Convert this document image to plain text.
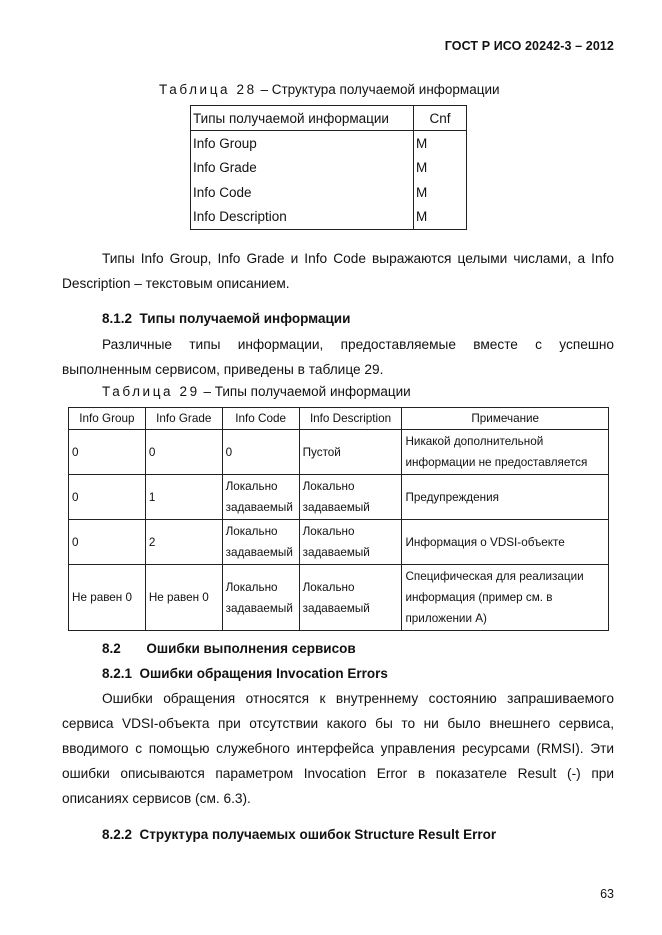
ГОСТ Р ИСО 20242-3 – 2012
Таблица 28 – Структура получаемой информации
Типы получаемой информации	Cnf
Info Group	M
Info Grade	M
Info Code	M
Info Description	M
Типы Info Group, Info Grade и Info Code выражаются целыми числами, а Info Description – текстовым описанием.
8.1.2 Типы получаемой информации
Различные типы информации, предоставляемые вместе с успешно выполненным сервисом, приведены в таблице 29.
Таблица 29 – Типы получаемой информации
Info Group	Info Grade	Info Code	Info Description	Примечание
0	0	0	Пустой	Никакой дополнительной информации не предоставляется
0	1	Локально задаваемый	Локально задаваемый	Предупреждения
0	2	Локально задаваемый	Локально задаваемый	Информация о VDSI-объекте
Не равен 0	Не равен 0	Локально задаваемый	Локально задаваемый	Специфическая для реализации информация (пример см. в приложении А)
8.2 Ошибки выполнения сервисов
8.2.1 Ошибки обращения Invocation Errors
Ошибки обращения относятся к внутреннему состоянию запрашиваемого сервиса VDSI-объекта при отсутствии какого бы то ни было внешнего сервиса, вводимого с помощью служебного интерфейса управления ресурсами (RMSI). Эти ошибки описываются параметром Invocation Error в показателе Result (-) при описаниях сервисов (см. 6.3).
8.2.2 Структура получаемых ошибок Structure Result Error
63
